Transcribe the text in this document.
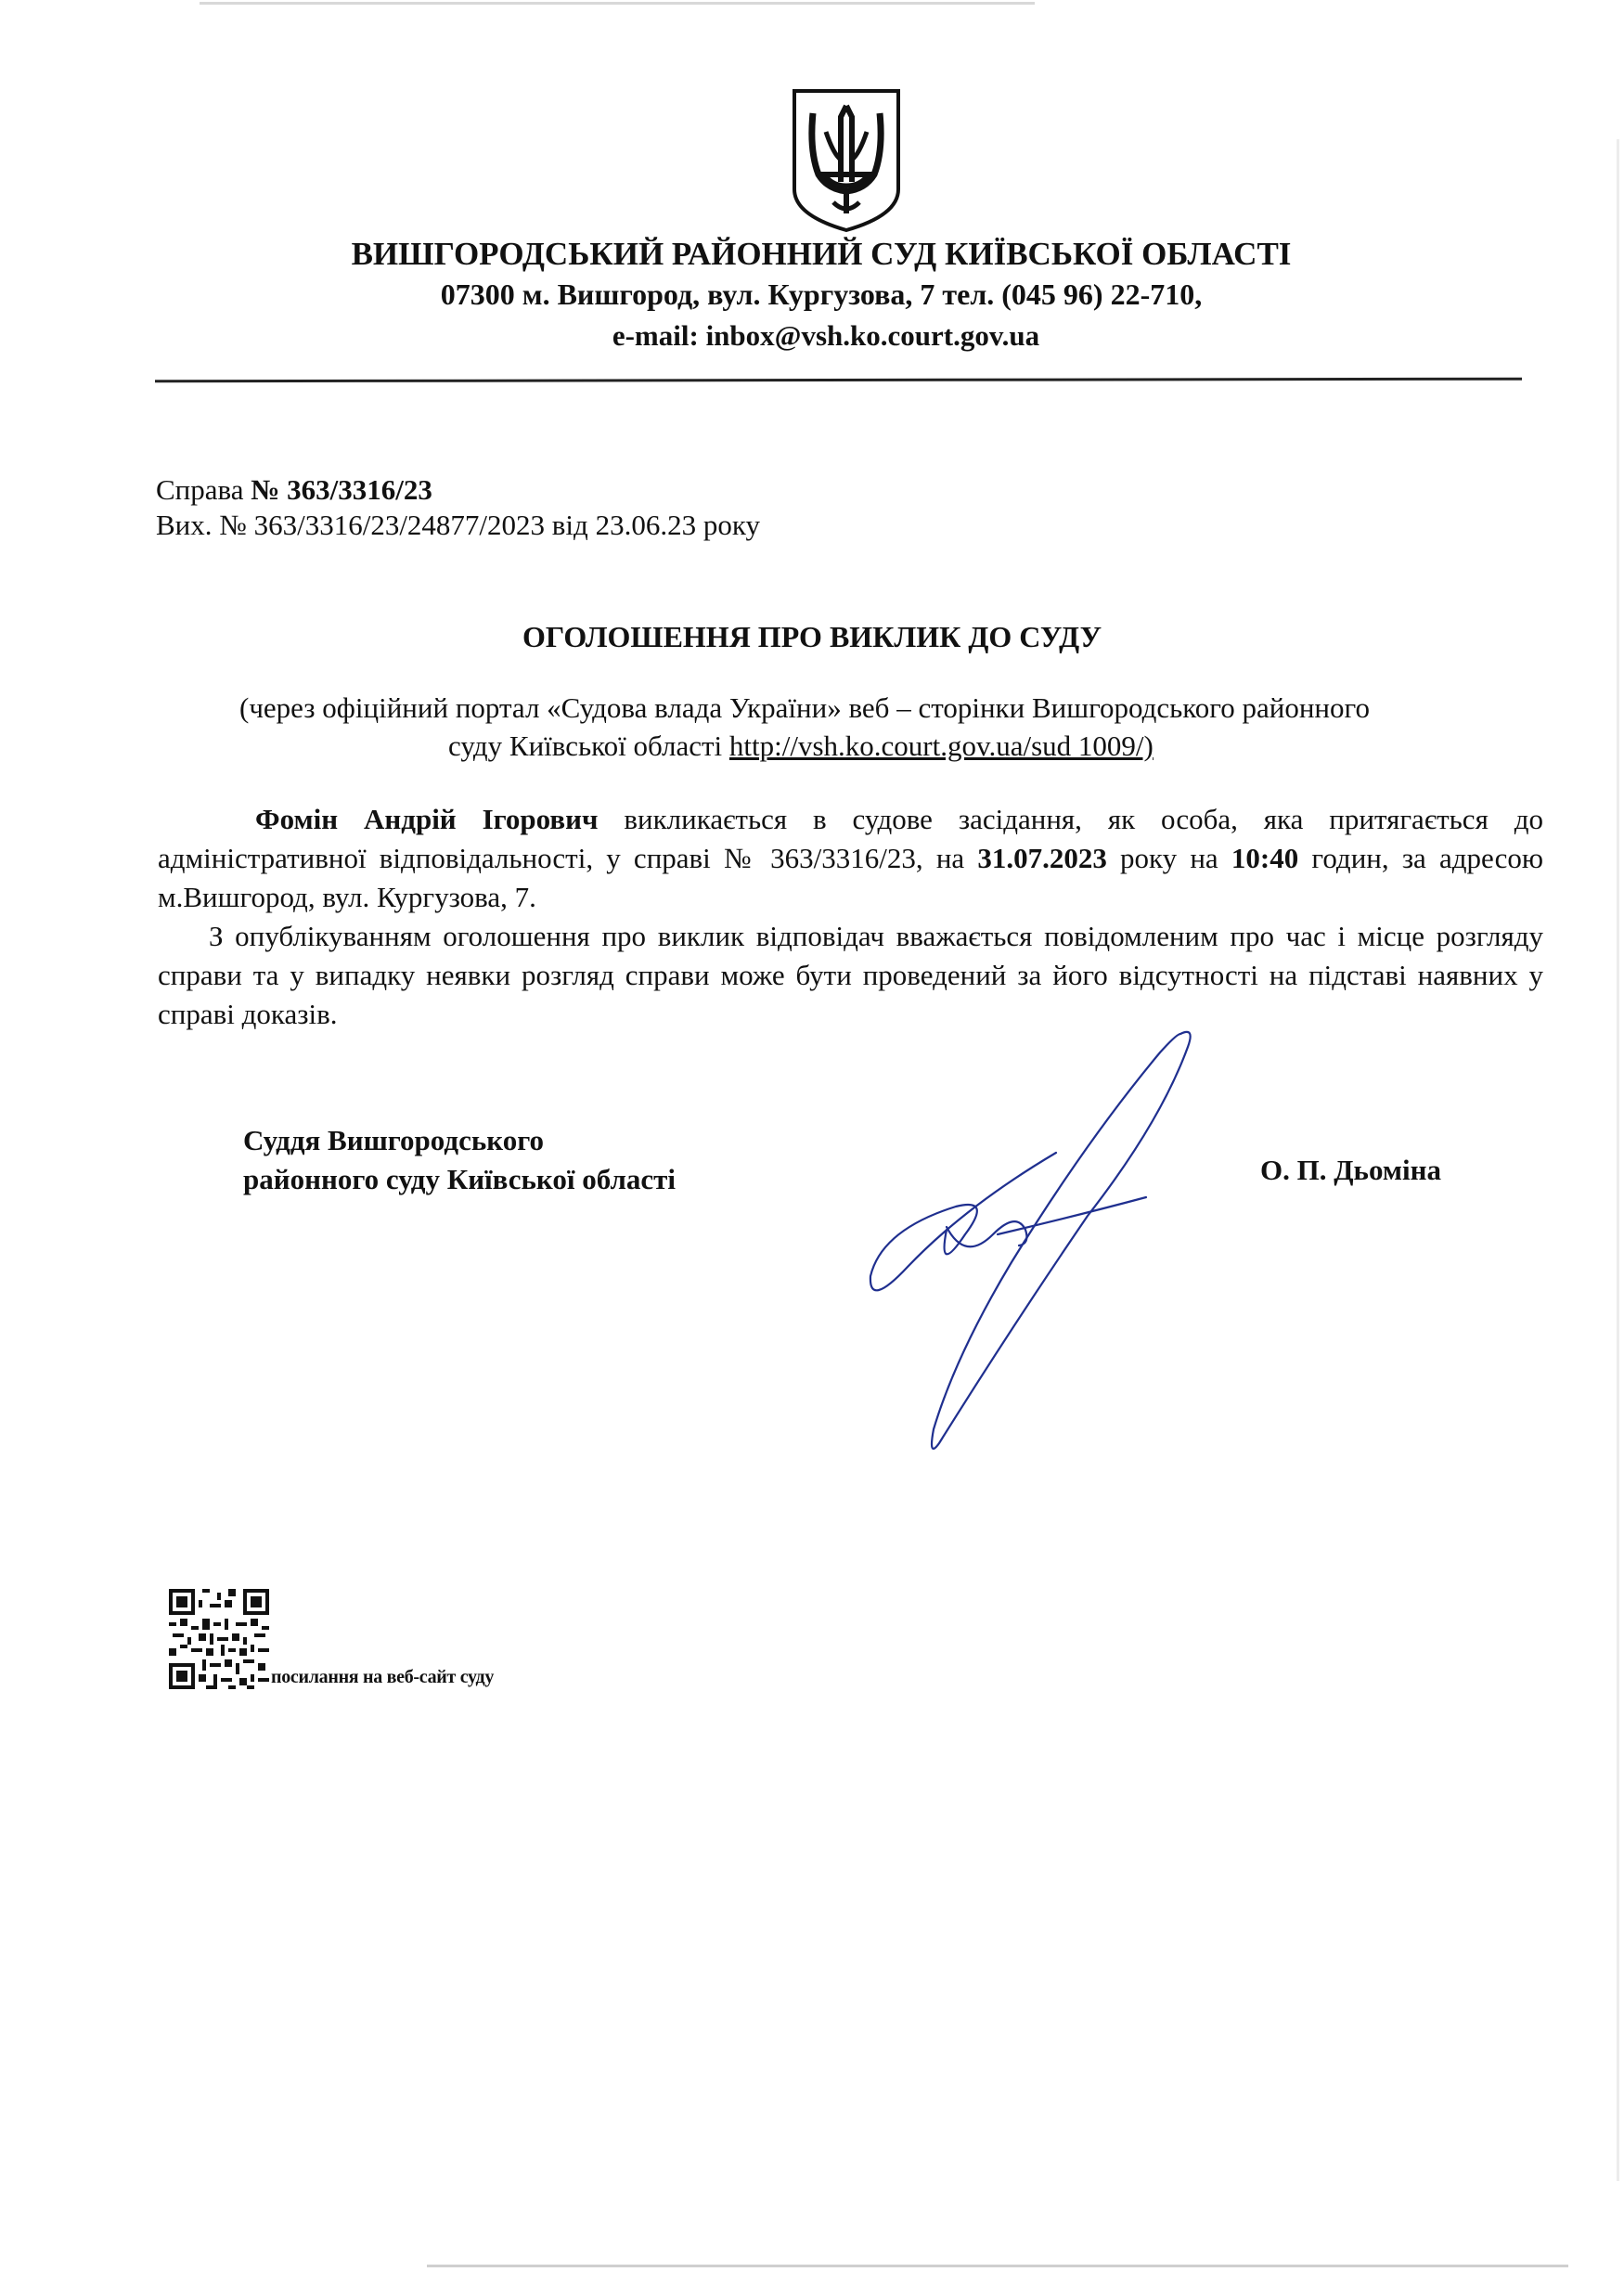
ВИШГОРОДСЬКИЙ РАЙОННИЙ СУД КИЇВСЬКОЇ ОБЛАСТІ
07300 м. Вишгород, вул. Кургузова, 7 тел. (045 96) 22-710,
e-mail: inbox@vsh.ko.court.gov.ua
Справа № 363/3316/23
Вих. № 363/3316/23/24877/2023 від 23.06.23 року
ОГОЛОШЕННЯ ПРО ВИКЛИК ДО СУДУ
(через офіційний портал «Судова влада України» веб – сторінки Вишгородського районного
суду Київської області http://vsh.ko.court.gov.ua/sud 1009/)

Фомін Андрій Ігорович викликається в судове засідання, як особа, яка притягається до адміністративної відповідальності, у справі № 363/3316/23, на 31.07.2023 року на 10:40 годин, за адресою м.Вишгород, вул. Кургузова, 7.

З опублікуванням оголошення про виклик відповідач вважається повідомленим про час і місце розгляду справи та у випадку неявки розгляд справи може бути проведений за його відсутності на підставі наявних у справі доказів.

Суддя Вишгородського
районного суду Київської області	О. П. Дьоміна
посилання на веб-сайт суду
